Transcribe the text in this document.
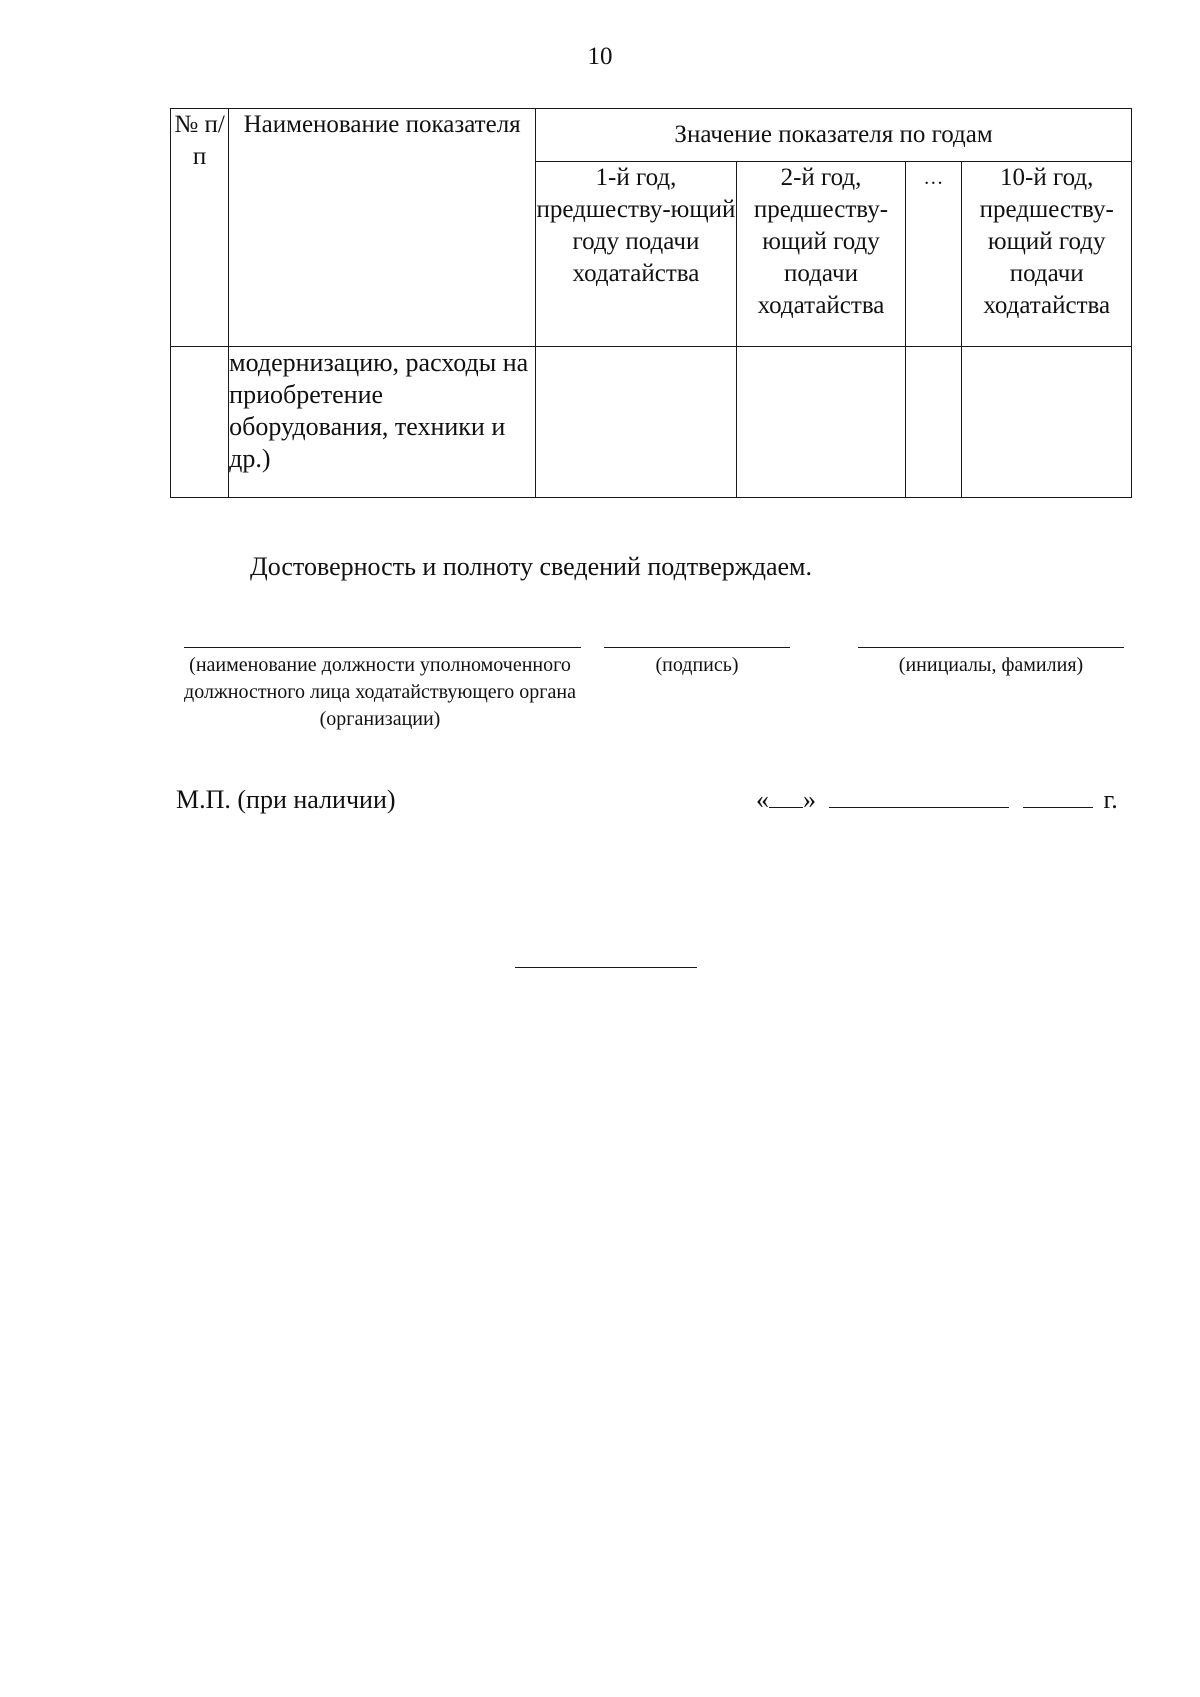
10
№ п/п	Наименование показателя	Значение показателя по годам			
		1-й год, предшеству-ющий году подачи ходатайства	2-й год, предшеству-ющий году подачи ходатайства	…	10-й год, предшеству-ющий году подачи ходатайства
	модернизацию, расходы на приобретение оборудования, техники и др.)				
Достоверность и полноту сведений подтверждаем.
(наименование должности уполномоченного должностного лица ходатайствующего органа (организации)
(подпись)	(инициалы, фамилия)
М.П. (при наличии)	« »	г.
